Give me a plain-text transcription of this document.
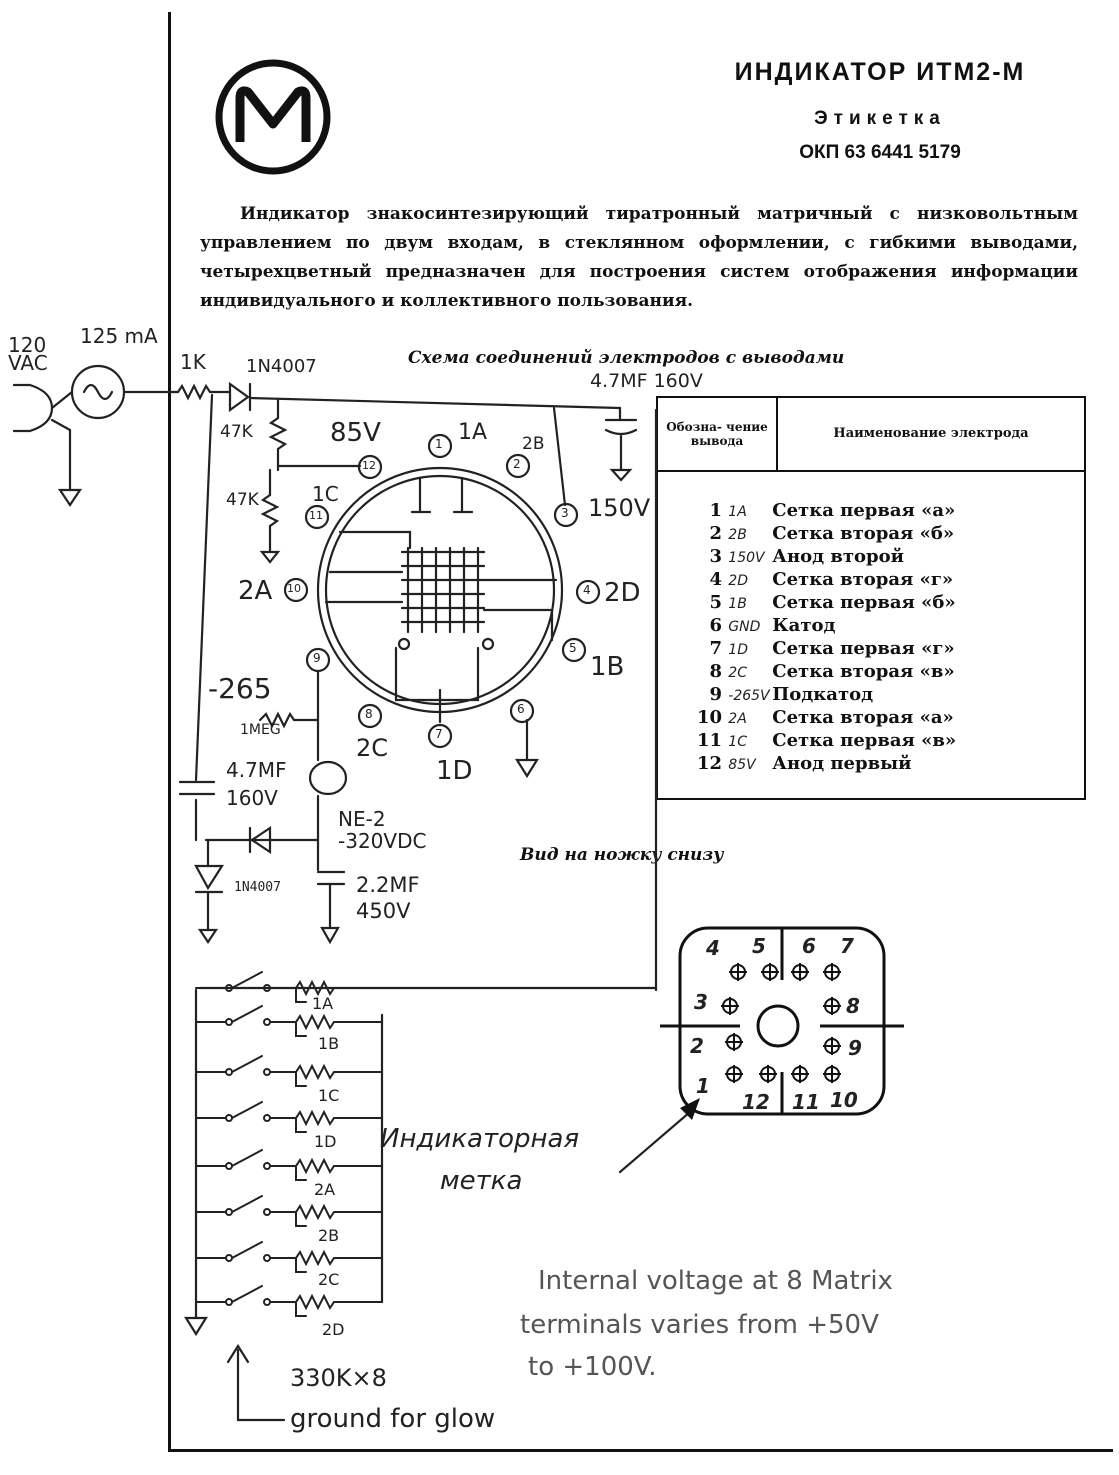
ИНДИКАТОР ИТМ2-М
Этикетка
ОКП 63 6441 5179
Индикатор знакосинтезирующий тиратронный матричный с низковольтным управлением по двум входам, в стеклянном оформлении, с гибкими выводами, четырехцветный предназначен для построения систем отображения информации индивидуального и коллективного пользования.
Схема соединений электродов с выводами
Вид на ножку снизу
Обозна- чение вывода	Наименование электрода
1 1A Сетка первая «а»
2 2B Сетка вторая «б»
3 150V Анод второй
4 2D Сетка вторая «г»
5 1B Сетка первая «б»
6 GND Катод
7 1D Сетка первая «г»
8 2C Сетка вторая «в»
9 -265V Подкатод
10 2A Сетка вторая «а»
11 1C Сетка первая «в»
12 85V Анод первый
1
2
3
4
5
6
7
8
9
10
11
12
1A 2B
150V
2D
1B
2C
1D
-265
2A
1C
85V
120 VAC
125 mA
1K 1N4007
4.7MF 160V
47K
47K
1MEG
4.7MF 160V
NE-2 -320VDC
2.2MF 450V
1N4007
1A
1B
1C
1D
2A
2B
2C
2D
330K×8
ground for glow
Internal voltage at 8 Matrix
terminals varies from +50V
to +100V.
4 5 6 7
3	8
2	9
1
12 11 10
Индикаторная
метка
